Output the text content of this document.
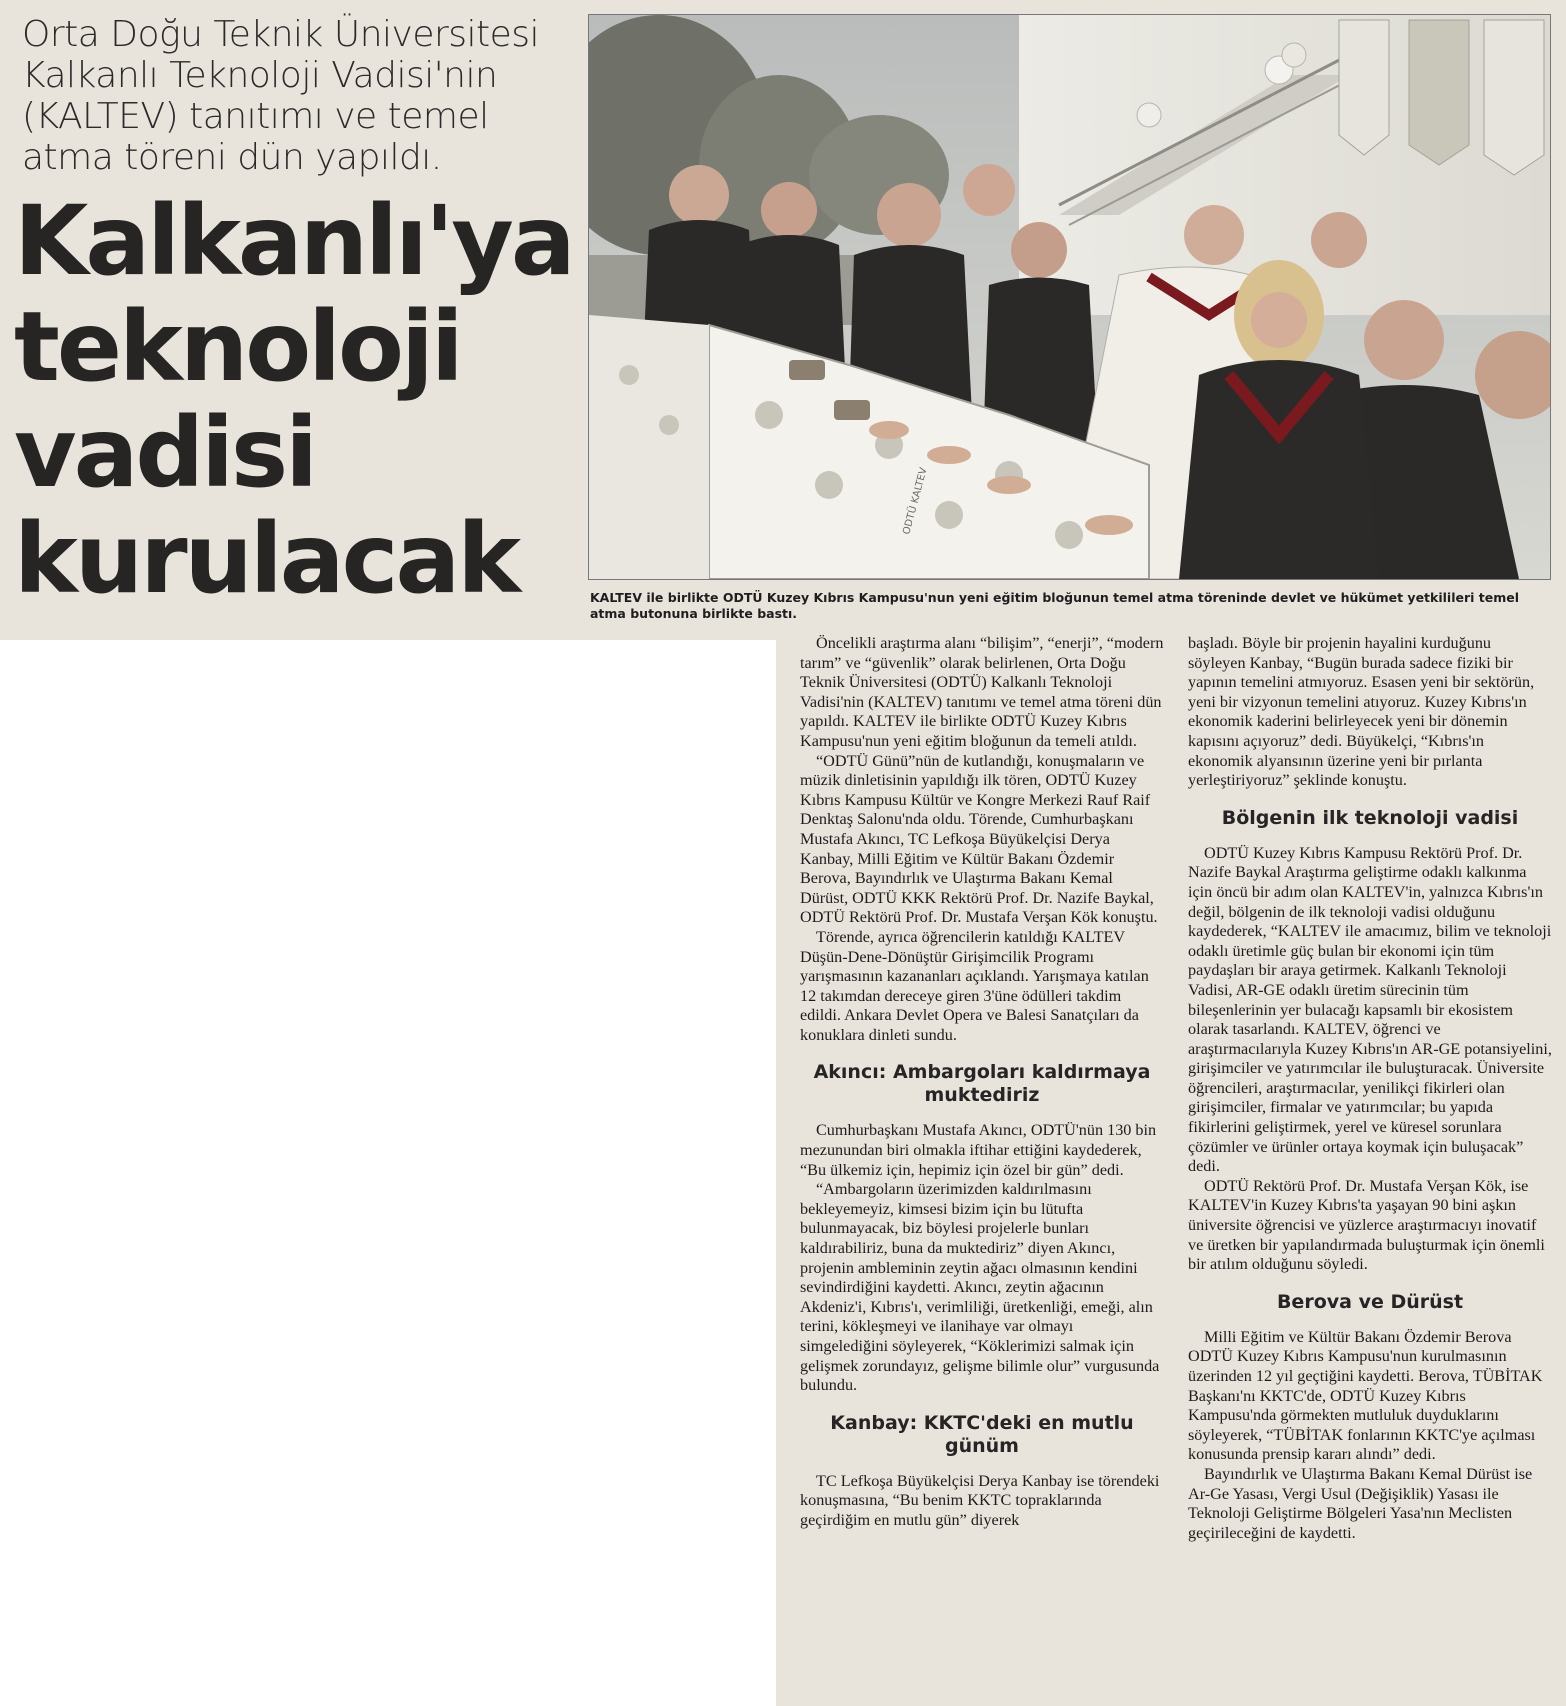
Orta Doğu Teknik Üniversitesi Kalkanlı Teknoloji Vadisi'nin (KALTEV) tanıtımı ve temel atma töreni dün yapıldı.
Kalkanlı'ya teknoloji vadisi kurulacak
ODTÜ KALTEV
KALTEV ile birlikte ODTÜ Kuzey Kıbrıs Kampusu'nun yeni eğitim bloğunun temel atma töreninde devlet ve hükümet yetkilileri temel atma butonuna birlikte bastı.

Öncelikli araştırma alanı “bilişim”, “enerji”, “modern tarım” ve “güvenlik” olarak belirlenen, Orta Doğu Teknik Üniversitesi (ODTÜ) Kalkanlı Teknoloji Vadisi'nin (KALTEV) tanıtımı ve temel atma töreni dün yapıldı. KALTEV ile birlikte ODTÜ Kuzey Kıbrıs Kampusu'nun yeni eğitim bloğunun da temeli atıldı.

“ODTÜ Günü”nün de kutlandığı, konuşmaların ve müzik dinletisinin yapıldığı ilk tören, ODTÜ Kuzey Kıbrıs Kampusu Kültür ve Kongre Merkezi Rauf Raif Denktaş Salonu'nda oldu. Törende, Cumhurbaşkanı Mustafa Akıncı, TC Lefkoşa Büyükelçisi Derya Kanbay, Milli Eğitim ve Kültür Bakanı Özdemir Berova, Bayındırlık ve Ulaştırma Bakanı Kemal Dürüst, ODTÜ KKK Rektörü Prof. Dr. Nazife Baykal, ODTÜ Rektörü Prof. Dr. Mustafa Verşan Kök konuştu.

Törende, ayrıca öğrencilerin katıldığı KALTEV Düşün-Dene-Dönüştür Girişimcilik Programı yarışmasının kazananları açıklandı. Yarışmaya katılan 12 takımdan dereceye giren 3'üne ödülleri takdim edildi. Ankara Devlet Opera ve Balesi Sanatçıları da konuklara dinleti sundu.

Akıncı: Ambargoları kaldırmaya muktediriz

Cumhurbaşkanı Mustafa Akıncı, ODTÜ'nün 130 bin mezunundan biri olmakla iftihar ettiğini kaydederek, “Bu ülkemiz için, hepimiz için özel bir gün” dedi.

“Ambargoların üzerimizden kaldırılmasını bekleyemeyiz, kimsesi bizim için bu lütufta bulunmayacak, biz böylesi projelerle bunları kaldırabiliriz, buna da muktediriz” diyen Akıncı, projenin ambleminin zeytin ağacı olmasının kendini sevindirdiğini kaydetti. Akıncı, zeytin ağacının Akdeniz'i, Kıbrıs'ı, verimliliği, üretkenliği, emeği, alın terini, kökleşmeyi ve ilanihaye var olmayı simgelediğini söyleyerek, “Köklerimizi salmak için gelişmek zorundayız, gelişme bilimle olur” vurgusunda bulundu.

Kanbay: KKTC'deki en mutlu günüm

TC Lefkoşa Büyükelçisi Derya Kanbay ise törendeki konuşmasına, “Bu benim KKTC topraklarında geçirdiğim en mutlu gün” diyerek

başladı. Böyle bir projenin hayalini kurduğunu söyleyen Kanbay, “Bugün burada sadece fiziki bir yapının temelini atmıyoruz. Esasen yeni bir sektörün, yeni bir vizyonun temelini atıyoruz. Kuzey Kıbrıs'ın ekonomik kaderini belirleyecek yeni bir dönemin kapısını açıyoruz” dedi. Büyükelçi, “Kıbrıs'ın ekonomik alyansının üzerine yeni bir pırlanta yerleştiriyoruz” şeklinde konuştu.

Bölgenin ilk teknoloji vadisi

ODTÜ Kuzey Kıbrıs Kampusu Rektörü Prof. Dr. Nazife Baykal Araştırma geliştirme odaklı kalkınma için öncü bir adım olan KALTEV'in, yalnızca Kıbrıs'ın değil, bölgenin de ilk teknoloji vadisi olduğunu kaydederek, “KALTEV ile amacımız, bilim ve teknoloji odaklı üretimle güç bulan bir ekonomi için tüm paydaşları bir araya getirmek. Kalkanlı Teknoloji Vadisi, AR-GE odaklı üretim sürecinin tüm bileşenlerinin yer bulacağı kapsamlı bir ekosistem olarak tasarlandı. KALTEV, öğrenci ve araştırmacılarıyla Kuzey Kıbrıs'ın AR-GE potansiyelini, girişimciler ve yatırımcılar ile buluşturacak. Üniversite öğrencileri, araştırmacılar, yenilikçi fikirleri olan girişimciler, firmalar ve yatırımcılar; bu yapıda fikirlerini geliştirmek, yerel ve küresel sorunlara çözümler ve ürünler ortaya koymak için buluşacak” dedi.

ODTÜ Rektörü Prof. Dr. Mustafa Verşan Kök, ise KALTEV'in Kuzey Kıbrıs'ta yaşayan 90 bini aşkın üniversite öğrencisi ve yüzlerce araştırmacıyı inovatif ve üretken bir yapılandırmada buluşturmak için önemli bir atılım olduğunu söyledi.

Berova ve Dürüst

Milli Eğitim ve Kültür Bakanı Özdemir Berova ODTÜ Kuzey Kıbrıs Kampusu'nun kurulmasının üzerinden 12 yıl geçtiğini kaydetti. Berova, TÜBİTAK Başkanı'nı KKTC'de, ODTÜ Kuzey Kıbrıs Kampusu'nda görmekten mutluluk duyduklarını söyleyerek, “TÜBİTAK fonlarının KKTC'ye açılması konusunda prensip kararı alındı” dedi.

Bayındırlık ve Ulaştırma Bakanı Kemal Dürüst ise Ar-Ge Yasası, Vergi Usul (Değişiklik) Yasası ile Teknoloji Geliştirme Bölgeleri Yasa'nın Meclisten geçirileceğini de kaydetti.
